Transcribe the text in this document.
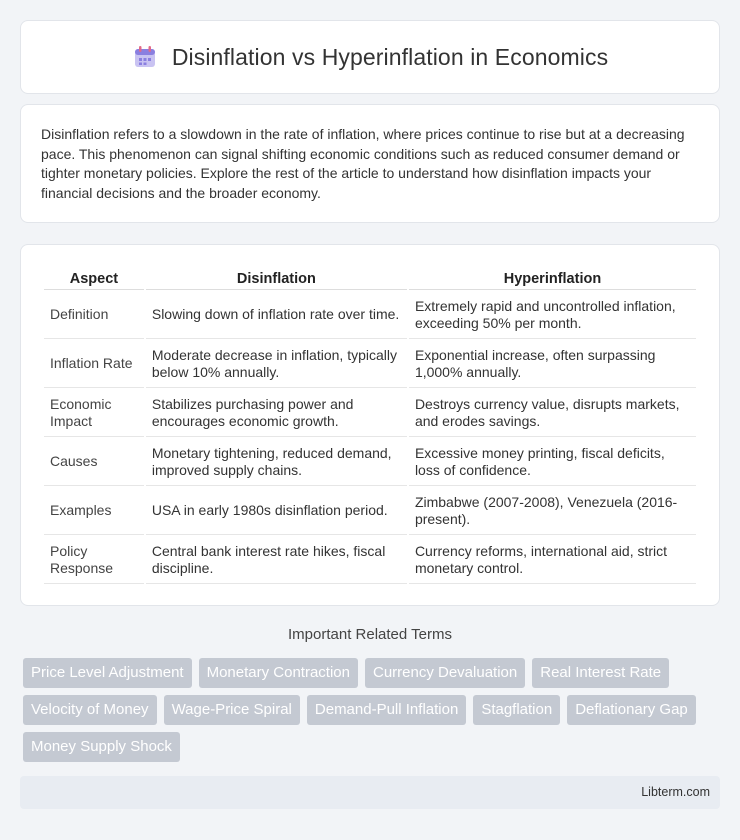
Disinflation vs Hyperinflation in Economics

Disinflation refers to a slowdown in the rate of inflation, where prices continue to rise but at a decreasing pace. This phenomenon can signal shifting economic conditions such as reduced consumer demand or tighter monetary policies. Explore the rest of the article to understand how disinflation impacts your financial decisions and the broader economy.

Aspect	Disinflation	Hyperinflation
Definition	Slowing down of inflation rate over time.	Extremely rapid and uncontrolled inflation, exceeding 50% per month.
Inflation Rate	Moderate decrease in inflation, typically below 10% annually.	Exponential increase, often surpassing 1,000% annually.
Economic Impact	Stabilizes purchasing power and encourages economic growth.	Destroys currency value, disrupts markets, and erodes savings.
Causes	Monetary tightening, reduced demand, improved supply chains.	Excessive money printing, fiscal deficits, loss of confidence.
Examples	USA in early 1980s disinflation period.	Zimbabwe (2007-2008), Venezuela (2016-present).
Policy Response	Central bank interest rate hikes, fiscal discipline.	Currency reforms, international aid, strict monetary control.
Important Related Terms
Price Level Adjustment	Monetary Contraction	Currency Devaluation	Real Interest Rate
Velocity of Money	Wage-Price Spiral	Demand-Pull Inflation	Stagflation	Deflationary Gap
Money Supply Shock
Libterm.com
